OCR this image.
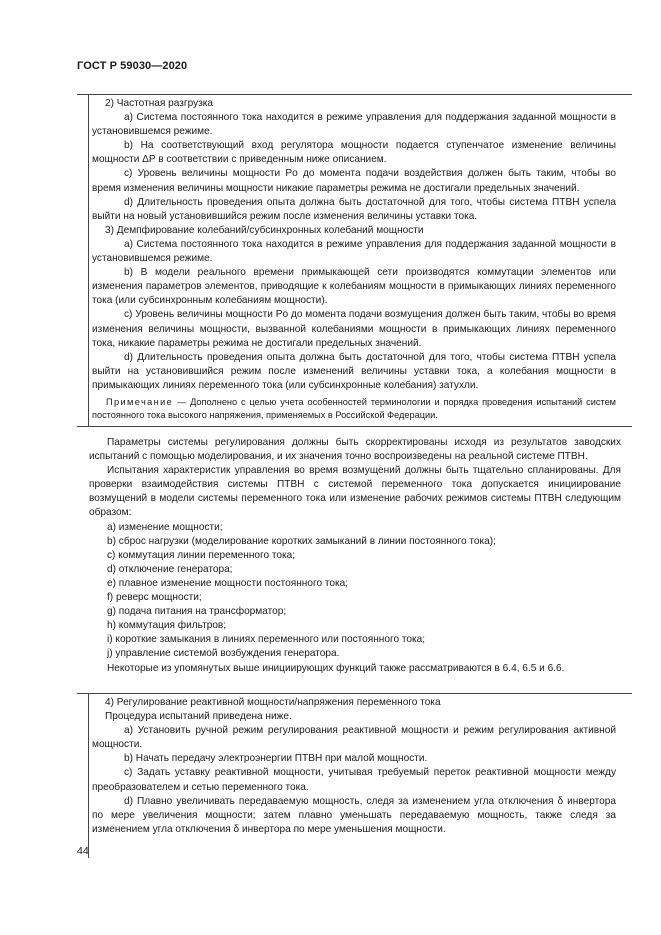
ГОСТ Р 59030—2020

2) Частотная разгрузка

a) Система постоянного тока находится в режиме управления для поддержания заданной мощности в установившемся режиме.

b) На соответствующий вход регулятора мощности подается ступенчатое изменение величины мощности ΔP в соответствии с приведенным ниже описанием.

c) Уровень величины мощности Pо до момента подачи воздействия должен быть таким, чтобы во время изменения величины мощности никакие параметры режима не достигали предельных значений.

d) Длительность проведения опыта должна быть достаточной для того, чтобы система ПТВН успела выйти на новый установившийся режим после изменения величины уставки тока.

3) Демпфирование колебаний/субсинхронных колебаний мощности

a) Система постоянного тока находится в режиме управления для поддержания заданной мощности в установившемся режиме.

b) В модели реального времени примыкающей сети производятся коммутации элементов или изменения параметров элементов, приводящие к колебаниям мощности в примыкающих линиях переменного тока (или субсинхронным колебаниям мощности).

c) Уровень величины мощности Pо до момента подачи возмущения должен быть таким, чтобы во время изменения величины мощности, вызванной колебаниями мощности в примыкающих линиях переменного тока, никакие параметры режима не достигали предельных значений.

d) Длительность проведения опыта должна быть достаточной для того, чтобы система ПТВН успела выйти на установившийся режим после изменений величины уставки тока, а колебания мощности в примыкающих линиях переменного тока (или субсинхронные колебания) затухли.

Примечание — Дополнено с целью учета особенностей терминологии и порядка проведения испытаний систем постоянного тока высокого напряжения, применяемых в Российской Федерации.

Параметры системы регулирования должны быть скорректированы исходя из результатов заводских испытаний с помощью моделирования, и их значения точно воспроизведены на реальной системе ПТВН.

Испытания характеристик управления во время возмущений должны быть тщательно спланированы. Для проверки взаимодействия системы ПТВН с системой переменного тока допускается инициирование возмущений в модели системы переменного тока или изменение рабочих режимов системы ПТВН следующим образом:

a) изменение мощности;

b) сброс нагрузки (моделирование коротких замыканий в линии постоянного тока);

c) коммутация линии переменного тока;

d) отключение генератора;

e) плавное изменение мощности постоянного тока;

f) реверс мощности;

g) подача питания на трансформатор;

h) коммутация фильтров;

i) короткие замыкания в линиях переменного или постоянного тока;

j) управление системой возбуждения генератора.

Некоторые из упомянутых выше инициирующих функций также рассматриваются в 6.4, 6.5 и 6.6.

4) Регулирование реактивной мощности/напряжения переменного тока

Процедура испытаний приведена ниже.

a) Установить ручной режим регулирования реактивной мощности и режим регулирования активной мощности.

b) Начать передачу электроэнергии ПТВН при малой мощности.

c) Задать уставку реактивной мощности, учитывая требуемый переток реактивной мощности между преобразователем и сетью переменного тока.

d) Плавно увеличивать передаваемую мощность, следя за изменением угла отключения δ инвертора по мере увеличения мощности; затем плавно уменьшать передаваемую мощность, также следя за изменением угла отключения δ инвертора по мере уменьшения мощности.

44
